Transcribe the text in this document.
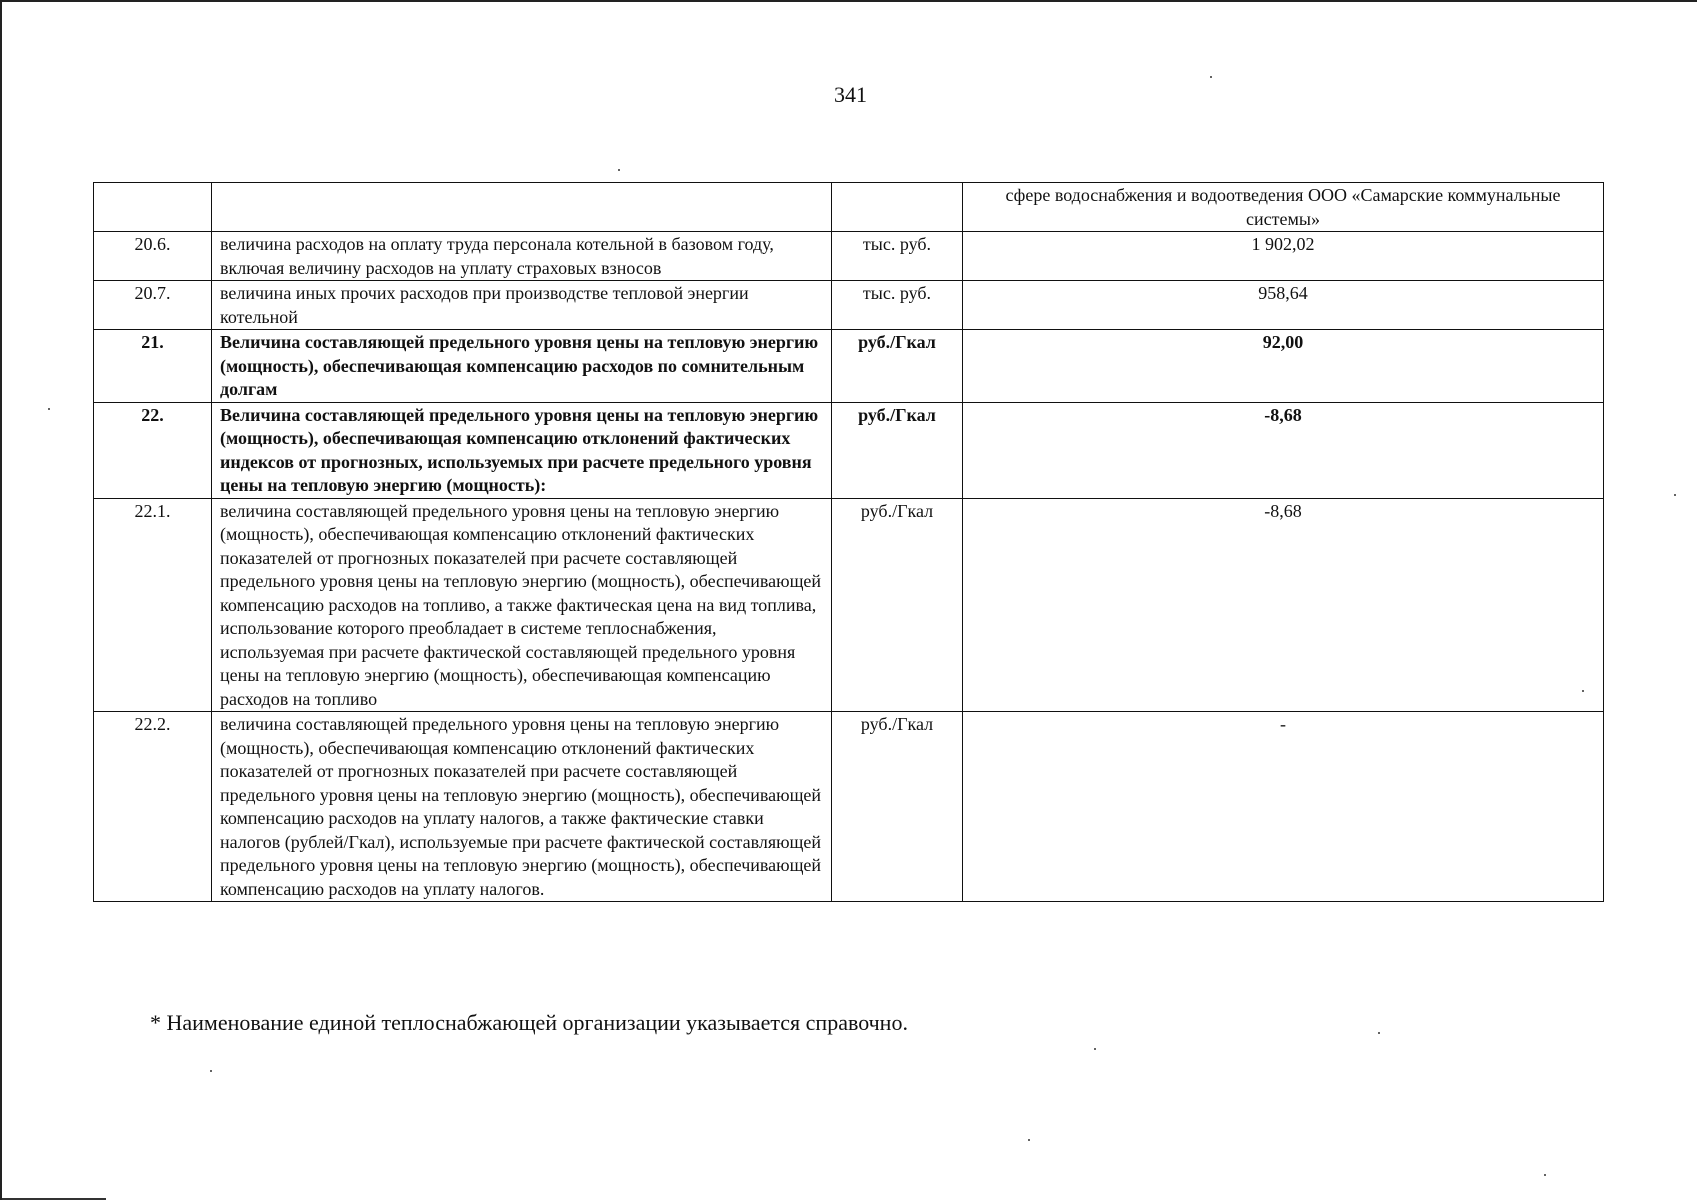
341
			сфере водоснабжения и водоотведения ООО «Самарские коммунальные системы»
20.6.	величина расходов на оплату труда персонала котельной в базовом году, включая величину расходов на уплату страховых взносов	тыс. руб.	1 902,02
20.7.	величина иных прочих расходов при производстве тепловой энергии котельной	тыс. руб.	958,64
21.	Величина составляющей предельного уровня цены на тепловую энергию (мощность), обеспечивающая компенсацию расходов по сомнительным долгам	руб./Гкал	92,00
22.	Величина составляющей предельного уровня цены на тепловую энергию (мощность), обеспечивающая компенсацию отклонений фактических индексов от прогнозных, используемых при расчете предельного уровня цены на тепловую энергию (мощность):	руб./Гкал	-8,68
22.1.	величина составляющей предельного уровня цены на тепловую энергию (мощность), обеспечивающая компенсацию отклонений фактических показателей от прогнозных показателей при расчете составляющей предельного уровня цены на тепловую энергию (мощность), обеспечивающей компенсацию расходов на топливо, а также фактическая цена на вид топлива, использование которого преобладает в системе теплоснабжения, используемая при расчете фактической составляющей предельного уровня цены на тепловую энергию (мощность), обеспечивающая компенсацию расходов на топливо	руб./Гкал	-8,68
22.2.	величина составляющей предельного уровня цены на тепловую энергию (мощность), обеспечивающая компенсацию отклонений фактических показателей от прогнозных показателей при расчете составляющей предельного уровня цены на тепловую энергию (мощность), обеспечивающей компенсацию расходов на уплату налогов, а также фактические ставки налогов (рублей/Гкал), используемые при расчете фактической составляющей предельного уровня цены на тепловую энергию (мощность), обеспечивающей компенсацию расходов на уплату налогов.	руб./Гкал	-
* Наименование единой теплоснабжающей организации указывается справочно.
